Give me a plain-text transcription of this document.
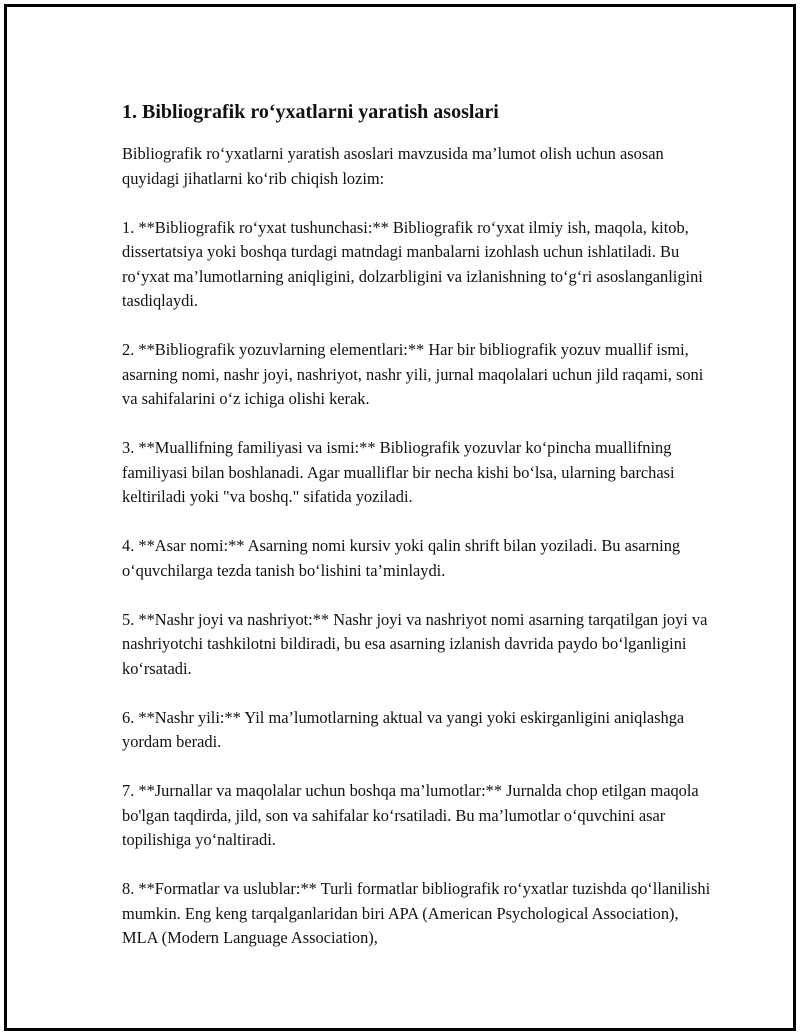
1. Bibliografik ro‘yxatlarni yaratish asoslari

Bibliografik ro‘yxatlarni yaratish asoslari mavzusida ma’lumot olish uchun asosan quyidagi jihatlarni ko‘rib chiqish lozim:

1. **Bibliografik ro‘yxat tushunchasi:** Bibliografik ro‘yxat ilmiy ish, maqola, kitob, dissertatsiya yoki boshqa turdagi matndagi manbalarni izohlash uchun ishlatiladi. Bu ro‘yxat ma’lumotlarning aniqligini, dolzarbligini va izlanishning to‘g‘ri asoslanganligini tasdiqlaydi.

2. **Bibliografik yozuvlarning elementlari:** Har bir bibliografik yozuv muallif ismi, asarning nomi, nashr joyi, nashriyot, nashr yili, jurnal maqolalari uchun jild raqami, soni va sahifalarini o‘z ichiga olishi kerak.

3. **Muallifning familiyasi va ismi:** Bibliografik yozuvlar ko‘pincha muallifning familiyasi bilan boshlanadi. Agar mualliflar bir necha kishi bo‘lsa, ularning barchasi keltiriladi yoki "va boshq." sifatida yoziladi.

4. **Asar nomi:** Asarning nomi kursiv yoki qalin shrift bilan yoziladi. Bu asarning o‘quvchilarga tezda tanish bo‘lishini ta’minlaydi.

5. **Nashr joyi va nashriyot:** Nashr joyi va nashriyot nomi asarning tarqatilgan joyi va nashriyotchi tashkilotni bildiradi, bu esa asarning izlanish davrida paydo bo‘lganligini ko‘rsatadi.

6. **Nashr yili:** Yil ma’lumotlarning aktual va yangi yoki eskirganligini aniqlashga yordam beradi.

7. **Jurnallar va maqolalar uchun boshqa ma’lumotlar:** Jurnalda chop etilgan maqola bo'lgan taqdirda, jild, son va sahifalar ko‘rsatiladi. Bu ma’lumotlar o‘quvchini asar topilishiga yo‘naltiradi.

8. **Formatlar va uslublar:** Turli formatlar bibliografik ro‘yxatlar tuzishda qo‘llanilishi mumkin. Eng keng tarqalganlaridan biri APA (American Psychological Association), MLA (Modern Language Association),
